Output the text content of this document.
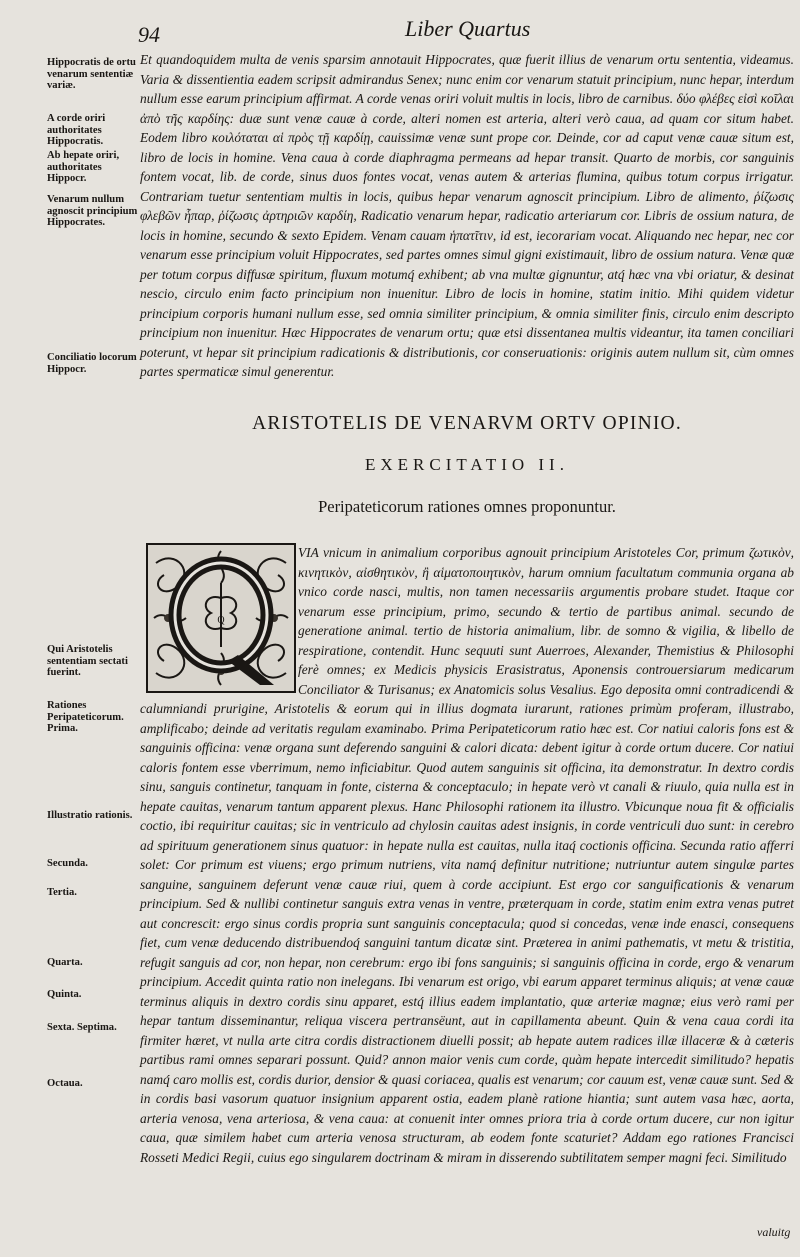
94	Liber Quartus
Hippocratis de ortu venarum sententiæ variæ.
A corde oriri authoritates Hippocratis.
Ab hepate oriri, authoritates Hippocr.
Venarum nullum agnoscit principium Hippocrates.
Conciliatio locorum Hippocr.
Qui Aristotelis sententiam sectati fuerint.
Rationes Peripateticorum. Prima.
Illustratio rationis.
Secunda.
Tertia.
Quarta.
Quinta.
Sexta. Septima.
Octaua.

Et quandoquidem multa de venis sparsim annotauit Hippocrates, quæ fuerit illius de venarum ortu sententia, videamus. Varia & dissentientia eadem scripsit admirandus Senex; nunc enim cor venarum statuit principium, nunc hepar, interdum nullum esse earum principium affirmat. A corde venas oriri voluit multis in locis, libro de carnibus. δύο φλέβες εἰσὶ κοῖλαι ἀπὸ τῆς καρδίης: duæ sunt venæ cauæ à corde, alteri nomen est arteria, alteri verò caua, ad quam cor situm habet. Eodem libro κοιλόταται αἱ πρὸς τῇ καρδίῃ, cauissimæ venæ sunt prope cor. Deinde, cor ad caput venæ cauæ situm est, libro de locis in homine. Vena caua à corde diaphragma permeans ad hepar transit. Quarto de morbis, cor sanguinis fontem vocat, lib. de corde, sinus duos fontes vocat, venas autem & arterias flumina, quibus totum corpus irrigatur. Contrariam tuetur sententiam multis in locis, quibus hepar venarum agnoscit principium. Libro de alimento, ῥίζωσις φλεβῶν ἧπαρ, ῥίζωσις ἀρτηριῶν καρδίη, Radicatio venarum hepar, radicatio arteriarum cor. Libris de ossium natura, de locis in homine, secundo & sexto Epidem. Venam cauam ἡπατῖτιν, id est, iecorariam vocat. Aliquando nec hepar, nec cor venarum esse principium voluit Hippocrates, sed partes omnes simul gigni existimauit, libro de ossium natura. Venæ quæ per totum corpus diffusæ spiritum, fluxum motumq́ exhibent; ab vna multæ gignuntur, atq́ hæc vna vbi oriatur, & desinat nescio, circulo enim facto principium non inuenitur. Libro de locis in homine, statim initio. Mihi quidem videtur principium corporis humani nullum esse, sed omnia similiter principium, & omnia similiter finis, circulo enim descripto principium non inuenitur. Hæc Hippocrates de venarum ortu; quæ etsi dissentanea multis videantur, ita tamen conciliari poterunt, vt hepar sit principium radicationis & distributionis, cor conseruationis: originis autem nullum sit, cùm omnes partes spermaticæ simul generentur.

ARISTOTELIS DE VENARVM ORTV OPINIO.
EXERCITATIO II.
Peripateticorum rationes omnes proponuntur.
Q

VIA vnicum in animalium corporibus agnouit principium Aristoteles Cor, primum ζωτικὸν, κινητικὸν, αἰσθητικὸν, ἢ αἱματοποιητικὸν, harum omnium facultatum communia organa ab vnico corde nasci, multis, non tamen necessariis argumentis probare studet. Itaque cor venarum esse principium, primo, secundo & tertio de partibus animal. secundo de generatione animal. tertio de historia animalium, libr. de somno & vigilia, & libello de respiratione, contendit. Hunc sequuti sunt Auerroes, Alexander, Themistius & Philosophi ferè omnes; ex Medicis physicis Erasistratus, Aponensis controuersiarum medicarum Conciliator & Turisanus; ex Anatomicis solus Vesalius. Ego deposita omni contradicendi & calumniandi prurigine, Aristotelis & eorum qui in illius dogmata iurarunt, rationes primùm proferam, illustrabo, amplificabo; deinde ad veritatis regulam examinabo. Prima Peripateticorum ratio hæc est. Cor natiui caloris fons est & sanguinis officina: venæ organa sunt deferendo sanguini & calori dicata: debent igitur à corde ortum ducere. Cor natiui caloris fontem esse vberrimum, nemo inficiabitur. Quod autem sanguinis sit officina, ita demonstratur. In dextro cordis sinu, sanguis continetur, tanquam in fonte, cisterna & conceptaculo; in hepate verò vt canali & riuulo, quia nulla est in hepate cauitas, venarum tantum apparent plexus. Hanc Philosophi rationem ita illustro. Vbicunque noua fit & officialis coctio, ibi requiritur cauitas; sic in ventriculo ad chylosin cauitas adest insignis, in corde ventriculi duo sunt: in cerebro ad spirituum generationem sinus quatuor: in hepate nulla est cauitas, nulla itaq́ coctionis officina. Secunda ratio afferri solet: Cor primum est viuens; ergo primum nutriens, vita namq́ definitur nutritione; nutriuntur autem singulæ partes sanguine, sanguinem deferunt venæ cauæ riui, quem à corde accipiunt. Est ergo cor sanguificationis & venarum principium. Sed & nullibi continetur sanguis extra venas in ventre, præterquam in corde, statim enim extra venas putret aut concrescit: ergo sinus cordis propria sunt sanguinis conceptacula; quod si concedas, venæ inde enasci, consequens fiet, cum venæ deducendo distribuendoq́ sanguini tantum dicatæ sint. Præterea in animi pathematis, vt metu & tristitia, refugit sanguis ad cor, non hepar, non cerebrum: ergo ibi fons sanguinis; si sanguinis officina in corde, ergo & venarum principium. Accedit quinta ratio non inelegans. Ibi venarum est origo, vbi earum apparet terminus aliquis; at venæ cauæ terminus aliquis in dextro cordis sinu apparet, estq́ illius eadem implantatio, quæ arteriæ magnæ; eius verò rami per hepar tantum disseminantur, reliqua viscera pertransëunt, aut in capillamenta abeunt. Quin & vena caua cordi ita firmiter hæret, vt nulla arte citra cordis distractionem diuelli possit; ab hepate autem radices illæ illaceræ & à cæteris partibus rami omnes separari possunt. Quid? annon maior venis cum corde, quàm hepate intercedit similitudo? hepatis namq́ caro mollis est, cordis durior, densior & quasi coriacea, qualis est venarum; cor cauum est, venæ cauæ sunt. Sed & in cordis basi vasorum quatuor insignium apparent ostia, eadem planè ratione hiantia; sunt autem vasa hæc, aorta, arteria venosa, vena arteriosa, & vena caua: at conuenit inter omnes priora tria à corde ortum ducere, cur non igitur caua, quæ similem habet cum arteria venosa structuram, ab eodem fonte scaturiet? Addam ego rationes Francisci Rosseti Medici Regii, cuius ego singularem doctrinam & miram in disserendo subtilitatem semper magni feci. Similitudo

valuitg
